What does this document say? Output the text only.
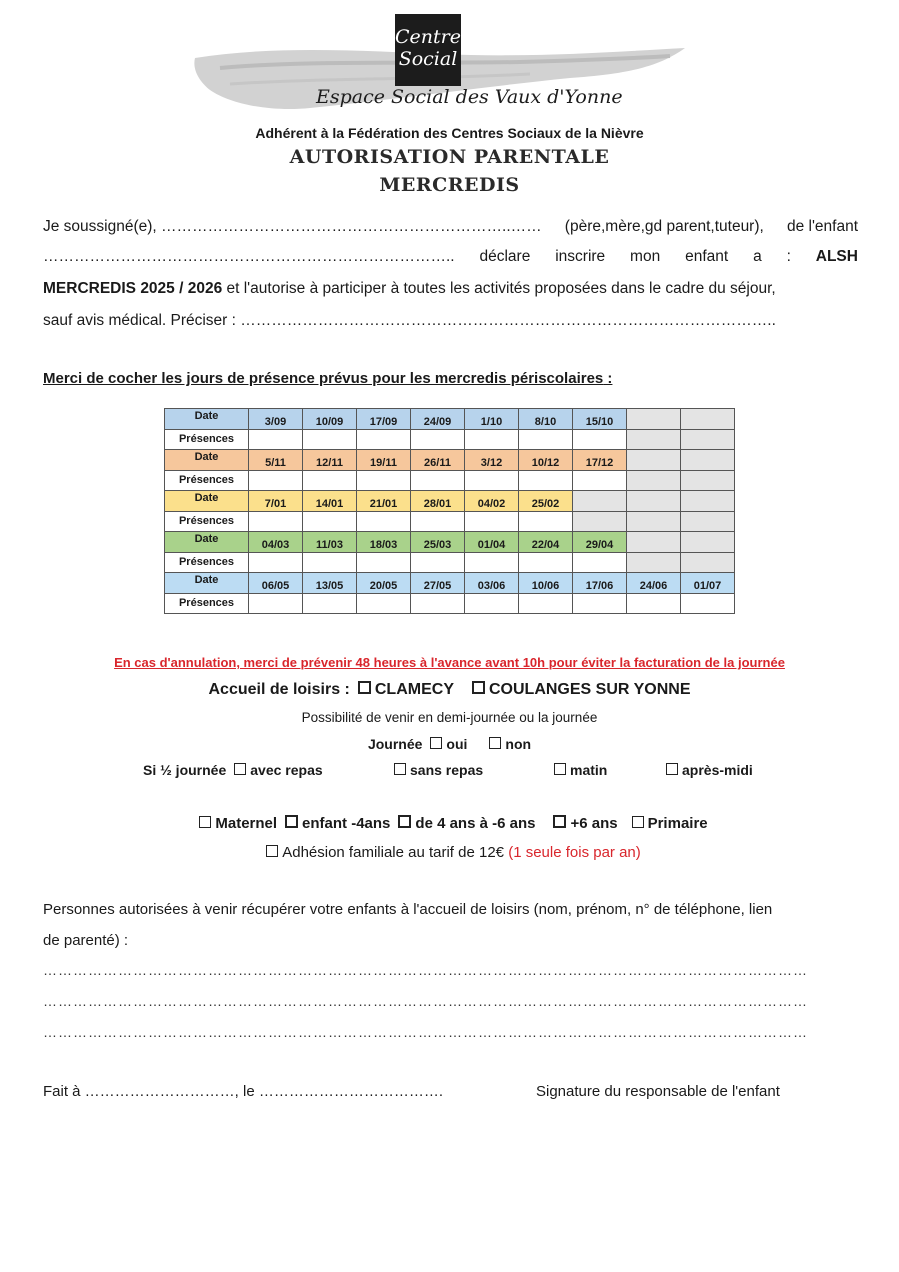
Centre
Social
Espace Social des Vaux d'Yonne
Adhérent à la Fédération des Centres Sociaux de la Nièvre
AUTORISATION PARENTALE
MERCREDIS
Je soussigné(e), …………………………………………………………..…… (père,mère,gd parent,tuteur), de l'enfant
…………………………………………………………………….. déclare inscrire mon enfant a : ALSH
MERCREDIS 2025 / 2026 et l'autorise à participer à toutes les activités proposées dans le cadre du séjour,
sauf avis médical. Préciser : …………………………………………………………………………………………..
Merci de cocher les jours de présence prévus pour les mercredis périscolaires :
Date	3/09	10/09	17/09	24/09	1/10	8/10	15/10		
Présences									
Date	5/11	12/11	19/11	26/11	3/12	10/12	17/12		
Présences									
Date	7/01	14/01	21/01	28/01	04/02	25/02			
Présences									
Date	04/03	11/03	18/03	25/03	01/04	22/04	29/04		
Présences									
Date	06/05	13/05	20/05	27/05	03/06	10/06	17/06	24/06	01/07
Présences									
En cas d'annulation, merci de prévenir 48 heures à l'avance avant 10h pour éviter la facturation de la journée
Accueil de loisirs : CLAMECY COULANGES SUR YONNE
Possibilité de venir en demi-journée ou la journée
Journée oui	non
Si ½ journée avec repas	sans repas	matin	après-midi
Maternel enfant -4ans de 4 ans à -6 ans +6 ans Primaire
Adhésion familiale au tarif de 12€ (1 seule fois par an)
Personnes autorisées à venir récupérer votre enfants à l'accueil de loisirs (nom, prénom, n° de téléphone, lien
de parenté) :
………………………………………………………………………………………………………………………………………
………………………………………………………………………………………………………………………………………
………………………………………………………………………………………………………………………………………
Fait à …………………………, le ……………………………….	Signature du responsable de l'enfant
